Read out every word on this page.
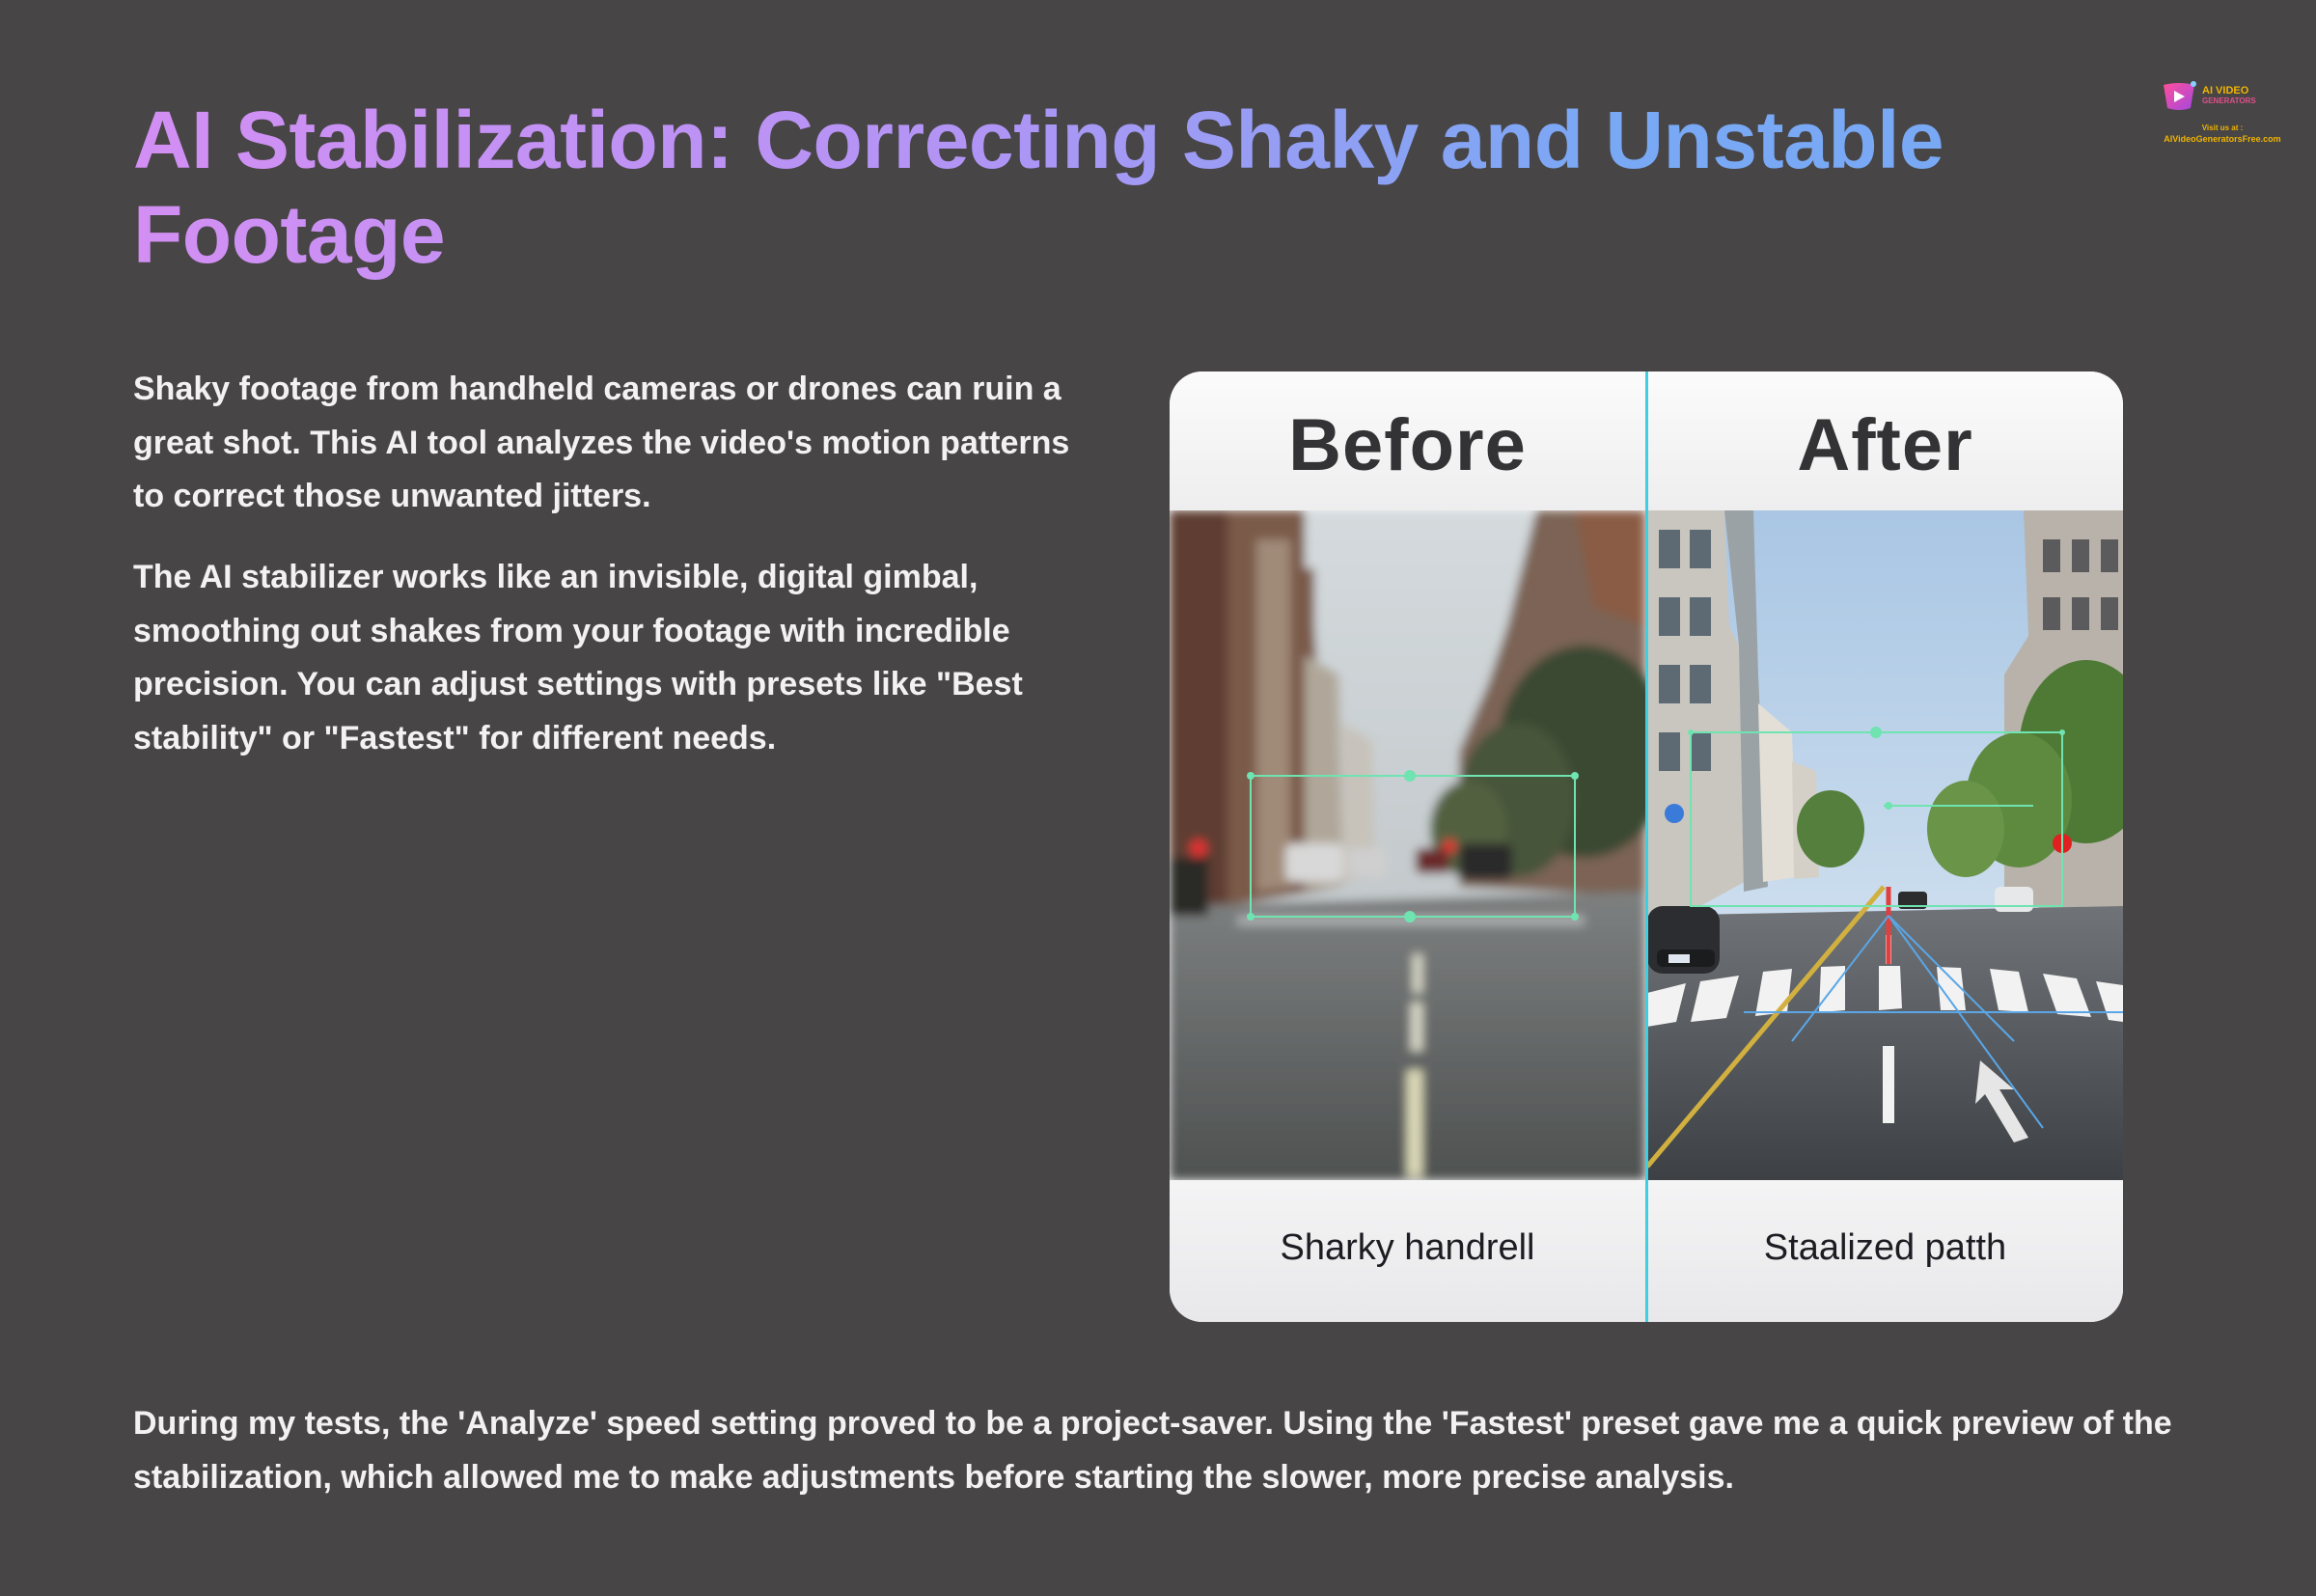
AI Stabilization: Correcting Shaky and Unstable Footage
AI VIDEO
GENERATORS
Visit us at :
AIVideoGeneratorsFree.com

Shaky footage from handheld cameras or drones can ruin a great shot. This AI tool analyzes the video's motion patterns to correct those unwanted jitters.

The AI stabilizer works like an invisible, digital gimbal, smoothing out shakes from your footage with incredible precision. You can adjust settings with presets like "Best stability" or "Fastest" for different needs.

Before
Sharky handrell
After
Staalized patth

During my tests, the 'Analyze' speed setting proved to be a project-saver. Using the 'Fastest' preset gave me a quick preview of the stabilization, which allowed me to make adjustments before starting the slower, more precise analysis.
